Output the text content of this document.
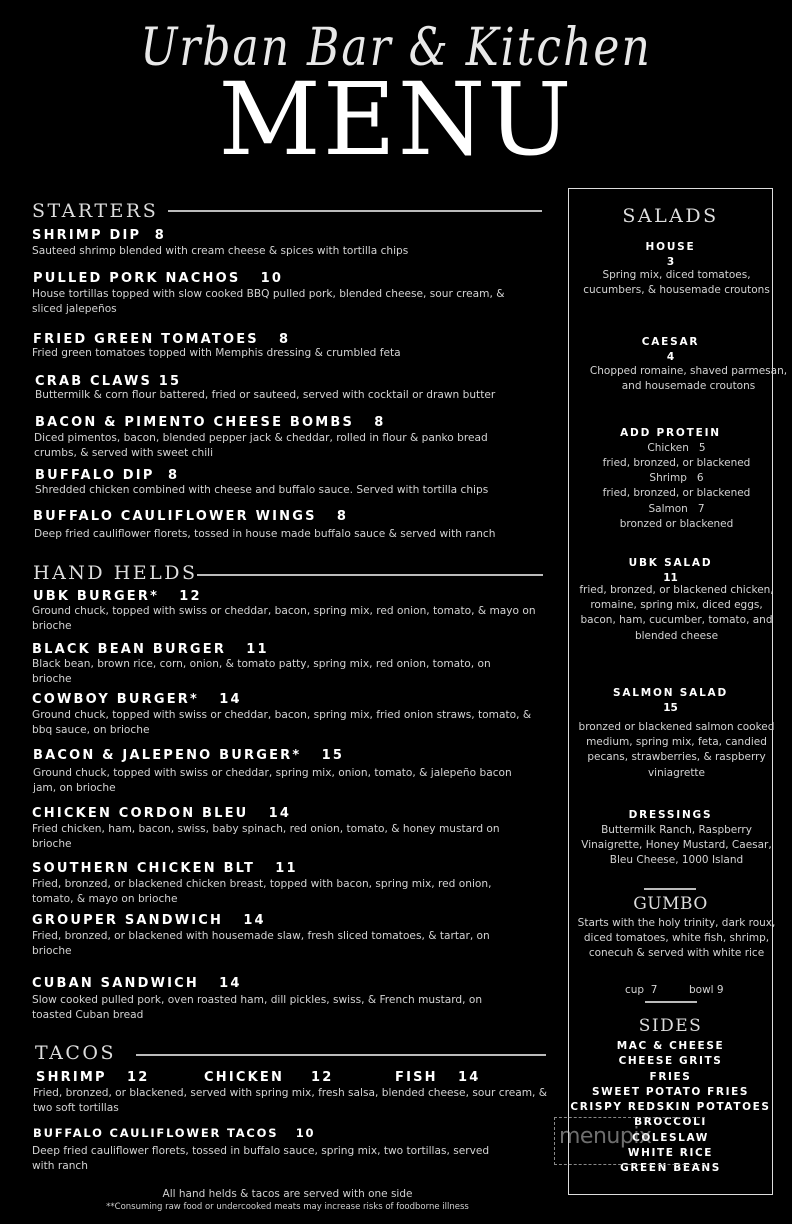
Urban Bar & Kitchen
MENU
STARTERS
SHRIMP DIP 8
Sauteed shrimp blended with cream cheese & spices with tortilla chips
PULLED PORK NACHOS 10
House tortillas topped with slow cooked BBQ pulled pork, blended cheese, sour cream, & sliced jalepeños
FRIED GREEN TOMATOES 8
Fried green tomatoes topped with Memphis dressing & crumbled feta
CRAB CLAWS 15
Buttermilk & corn flour battered, fried or sauteed, served with cocktail or drawn butter
BACON & PIMENTO CHEESE BOMBS 8
Diced pimentos, bacon, blended pepper jack & cheddar, rolled in flour & panko bread crumbs, & served with sweet chili
BUFFALO DIP 8
Shredded chicken combined with cheese and buffalo sauce. Served with tortilla chips
BUFFALO CAULIFLOWER WINGS 8
Deep fried cauliflower florets, tossed in house made buffalo sauce & served with ranch
HAND HELDS
UBK BURGER* 12
Ground chuck, topped with swiss or cheddar, bacon, spring mix, red onion, tomato, & mayo on brioche
BLACK BEAN BURGER 11
Black bean, brown rice, corn, onion, & tomato patty, spring mix, red onion, tomato, on brioche
COWBOY BURGER* 14
Ground chuck, topped with swiss or cheddar, bacon, spring mix, fried onion straws, tomato, & bbq sauce, on brioche
BACON & JALEPENO BURGER* 15
Ground chuck, topped with swiss or cheddar, spring mix, onion, tomato, & jalepeño bacon jam, on brioche
CHICKEN CORDON BLEU 14
Fried chicken, ham, bacon, swiss, baby spinach, red onion, tomato, & honey mustard on brioche
SOUTHERN CHICKEN BLT 11
Fried, bronzed, or blackened chicken breast, topped with bacon, spring mix, red onion, tomato, & mayo on brioche
GROUPER SANDWICH 14
Fried, bronzed, or blackened with housemade slaw, fresh sliced tomatoes, & tartar, on brioche
CUBAN SANDWICH 14
Slow cooked pulled pork, oven roasted ham, dill pickles, swiss, & French mustard, on toasted Cuban bread
TACOS
SHRIMP 12	CHICKEN 12	FISH 14
Fried, bronzed, or blackened, served with spring mix, fresh salsa, blended cheese, sour cream, & two soft tortillas
BUFFALO CAULIFLOWER TACOS 10
Deep fried cauliflower florets, tossed in buffalo sauce, spring mix, two tortillas, served with ranch
All hand helds & tacos are served with one side
**Consuming raw food or undercooked meats may increase risks of foodborne illness
SALADS
HOUSE
3
Spring mix, diced tomatoes, cucumbers, & housemade croutons
CAESAR
4
Chopped romaine, shaved parmesan, and housemade croutons
ADD PROTEIN
Chicken   5
fried, bronzed, or blackened
Shrimp   6
fried, bronzed, or blackened
Salmon   7
bronzed or blackened
UBK SALAD
11
fried, bronzed, or blackened chicken, romaine, spring mix, diced eggs, bacon, ham, cucumber, tomato, and blended cheese
SALMON SALAD
15
bronzed or blackened salmon cooked medium, spring mix, feta, candied pecans, strawberries, & raspberry viniagrette
DRESSINGS
Buttermilk Ranch, Raspberry Vinaigrette, Honey Mustard, Caesar, Bleu Cheese, 1000 Island
GUMBO
Starts with the holy trinity, dark roux, diced tomatoes, white fish, shrimp, conecuh & served with white rice
cup  7	bowl 9
SIDES
MAC & CHEESE
CHEESE GRITS
FRIES
SWEET POTATO FRIES
CRISPY REDSKIN POTATOES
BROCCOLI
COLESLAW
WHITE RICE
GREEN BEANS
menupix
